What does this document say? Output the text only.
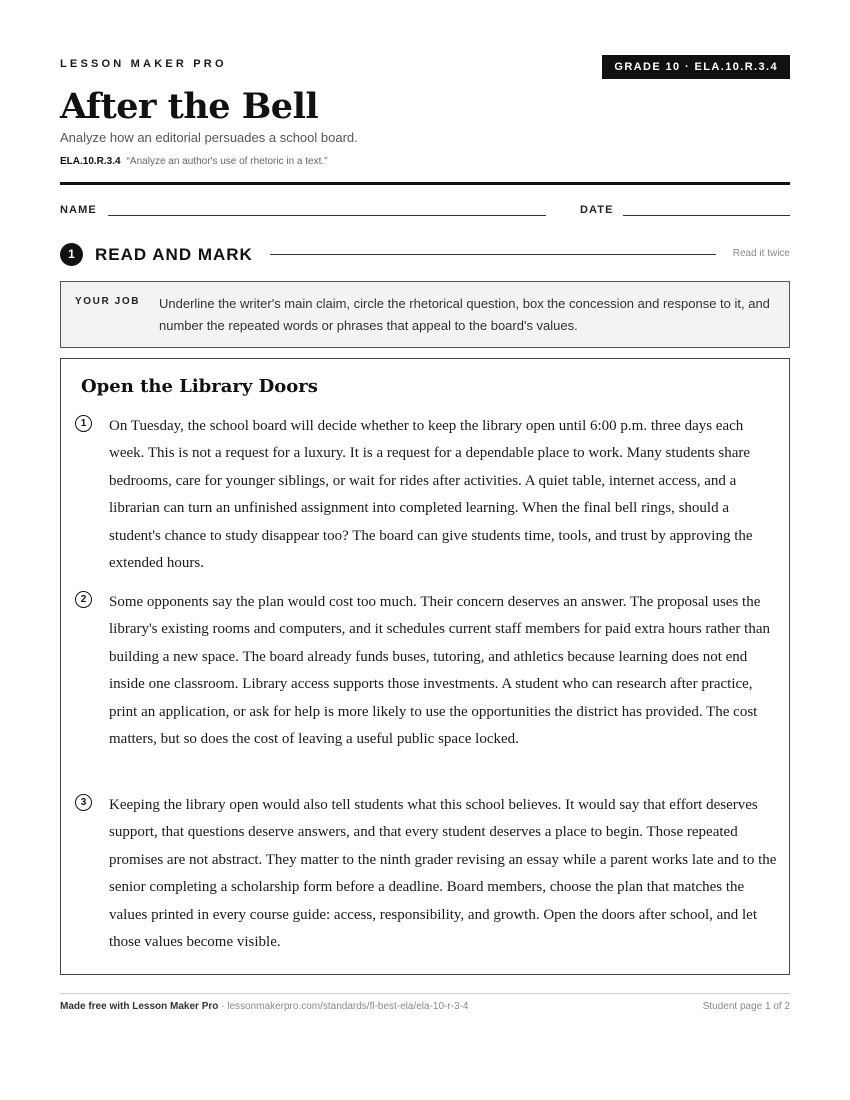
LESSON MAKER PRO	GRADE 10 · ELA.10.R.3.4
After the Bell
Analyze how an editorial persuades a school board.
ELA.10.R.3.4 “Analyze an author's use of rhetoric in a text.”
NAME	DATE
1	READ AND MARK	Read it twice
YOUR JOB Underline the writer's main claim, circle the rhetorical question, box the concession and response to it, and number the repeated words or phrases that appeal to the board's values.
Open the Library Doors
1	On Tuesday, the school board will decide whether to keep the library open until 6:00 p.m. three days each week. This is not a request for a luxury. It is a request for a dependable place to work. Many students share bedrooms, care for younger siblings, or wait for rides after activities. A quiet table, internet access, and a librarian can turn an unfinished assignment into completed learning. When the final bell rings, should a student's chance to study disappear too? The board can give students time, tools, and trust by approving the extended hours.

2	Some opponents say the plan would cost too much. Their concern deserves an answer. The proposal uses the library's existing rooms and computers, and it schedules current staff members for paid extra hours rather than building a new space. The board already funds buses, tutoring, and athletics because learning does not end inside one classroom. Library access supports those investments. A student who can research after practice, print an application, or ask for help is more likely to use the opportunities the district has provided. The cost matters, but so does the cost of leaving a useful public space locked.

3	Keeping the library open would also tell students what this school believes. It would say that effort deserves support, that questions deserve answers, and that every student deserves a place to begin. Those repeated promises are not abstract. They matter to the ninth grader revising an essay while a parent works late and to the senior completing a scholarship form before a deadline. Board members, choose the plan that matches the values printed in every course guide: access, responsibility, and growth. Open the doors after school, and let those values become visible.

Made free with Lesson Maker Pro · lessonmakerpro.com/standards/fl-best-ela/ela-10-r-3-4	Student page 1 of 2
